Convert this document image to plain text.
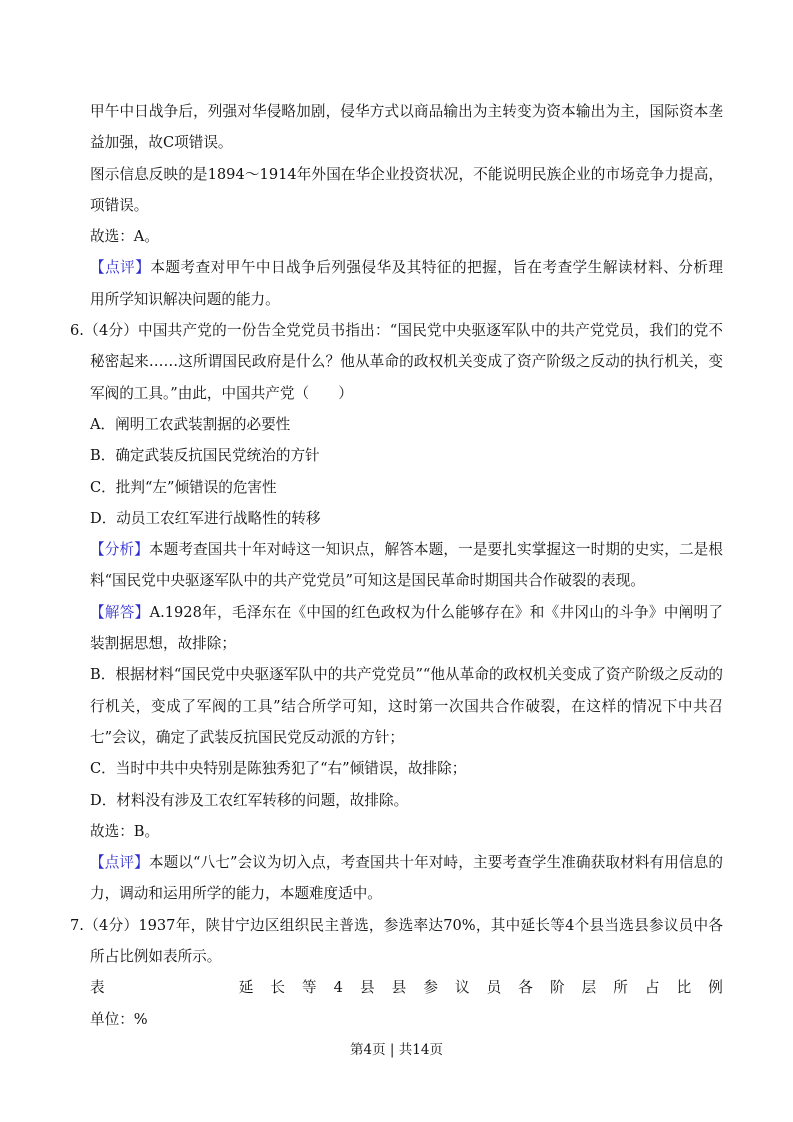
甲午中日战争后，列强对华侵略加剧，侵华方式以商品输出为主转变为资本输出为主，国际资本垄
益加强，故C项错误。
图示信息反映的是1894～1914年外国在华企业投资状况，不能说明民族企业的市场竞争力提高，
项错误。
故选：A。
【点评】本题考查对甲午中日战争后列强侵华及其特征的把握，旨在考查学生解读材料、分析理
用所学知识解决问题的能力。
6.（4分）中国共产党的一份告全党党员书指出：“国民党中央驱逐军队中的共产党党员，我们的党不
秘密起来……这所谓国民政府是什么？他从革命的政权机关变成了资产阶级之反动的执行机关，变
军阀的工具。”由此，中国共产党（　　）
A．阐明工农武装割据的必要性
B．确定武装反抗国民党统治的方针
C．批判“左”倾错误的危害性
D．动员工农红军进行战略性的转移
【分析】本题考查国共十年对峙这一知识点，解答本题，一是要扎实掌握这一时期的史实，二是根
料“国民党中央驱逐军队中的共产党党员”可知这是国民革命时期国共合作破裂的表现。
【解答】A.1928年，毛泽东在《中国的红色政权为什么能够存在》和《井冈山的斗争》中阐明了
装割据思想，故排除；
B．根据材料“国民党中央驱逐军队中的共产党党员”“他从革命的政权机关变成了资产阶级之反动的
行机关，变成了军阀的工具”结合所学可知，这时第一次国共合作破裂，在这样的情况下中共召
七”会议，确定了武装反抗国民党反动派的方针；
C．当时中共中央特别是陈独秀犯了“右”倾错误，故排除；
D．材料没有涉及工农红军转移的问题，故排除。
故选：B。
【点评】本题以“八七”会议为切入点，考查国共十年对峙，主要考查学生准确获取材料有用信息的
力，调动和运用所学的能力，本题难度适中。
7.（4分）1937年，陕甘宁边区组织民主普选，参选率达70%，其中延长等4个县当选县参议员中各
所占比例如表所示。
表	延 长 等 4 县 县 参 议 员 各 阶 层 所 占 比 例
单位：%
第4页 | 共14页
